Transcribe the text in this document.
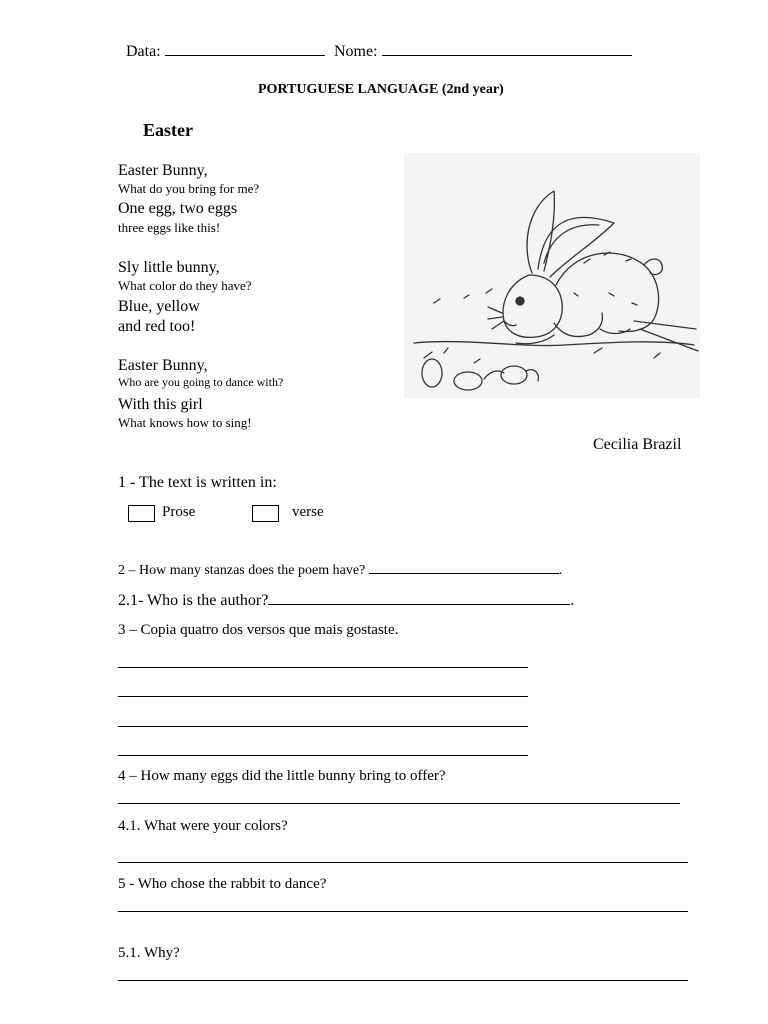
Data:	Nome:
PORTUGUESE LANGUAGE (2nd year)
Easter
Easter Bunny,
What do you bring for me?
One egg, two eggs
three eggs like this!
Sly little bunny,
What color do they have?
Blue, yellow
and red too!
Easter Bunny,
Who are you going to dance with?
With this girl
What knows how to sing!
Cecilia Brazil
1 - The text is written in:
Prose	verse
2 – How many stanzas does the poem have?	.
2.1- Who is the author?	.
3 – Copia quatro dos versos que mais gostaste.
4 – How many eggs did the little bunny bring to offer?
4.1. What were your colors?
5 - Who chose the rabbit to dance?
5.1. Why?
